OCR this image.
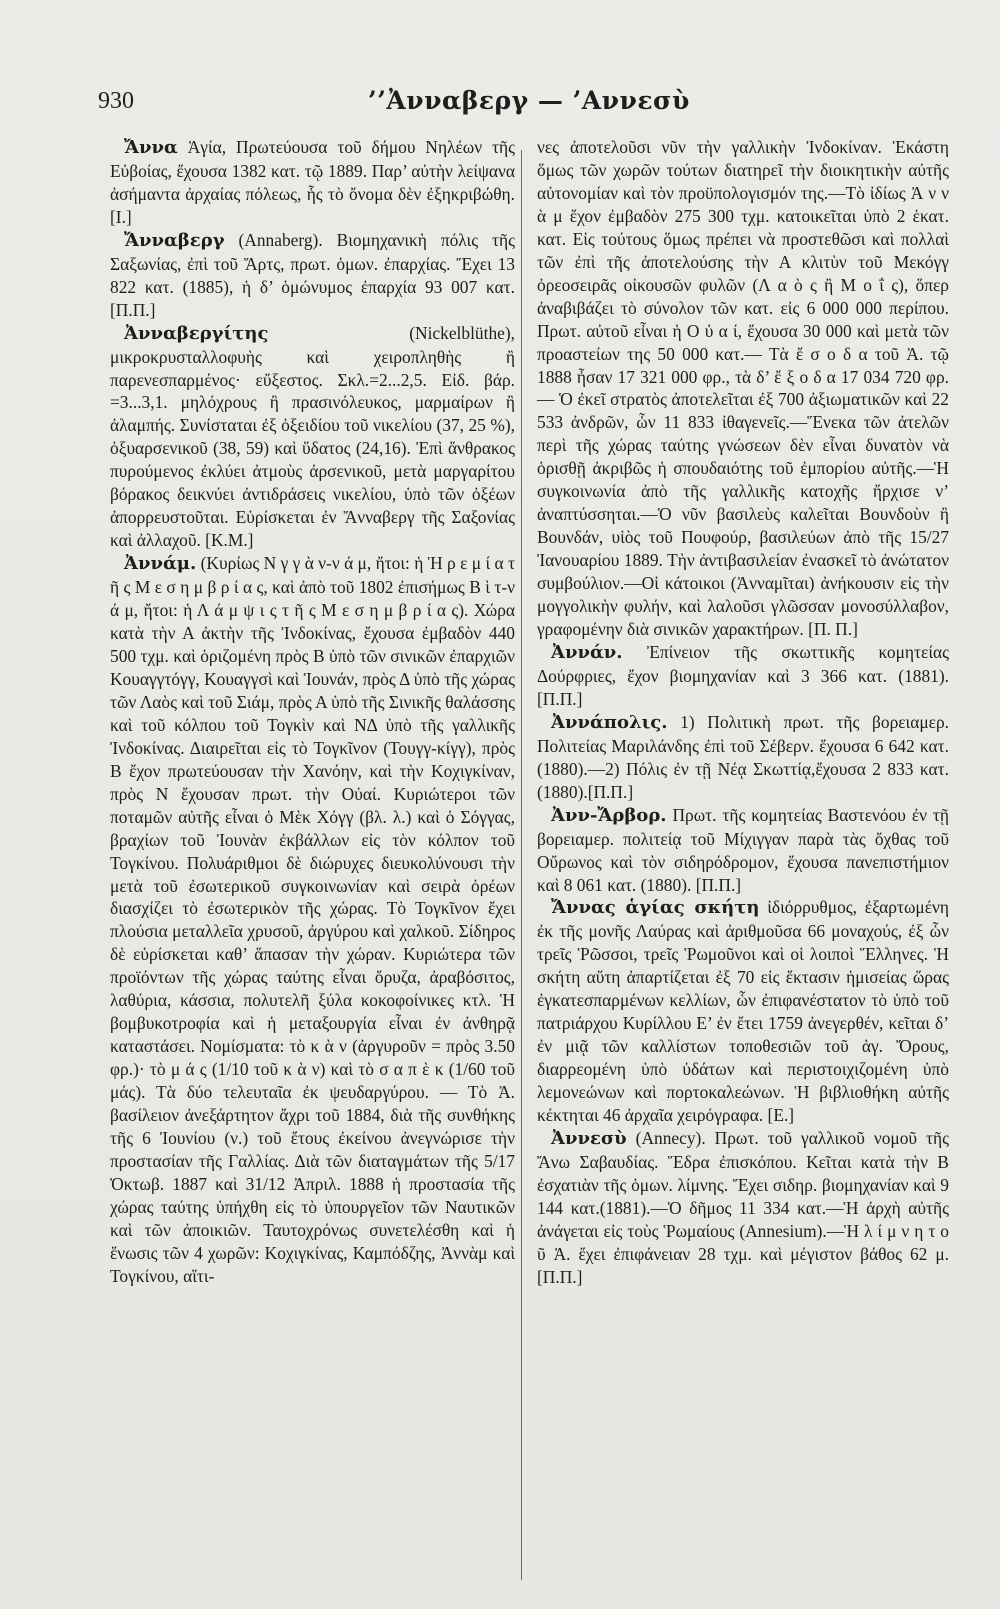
930	’’Ἀνναβεργ — ’Αννεσὺ

Ἄννα Ἁγία, Πρωτεύουσα τοῦ δήμου Νηλέων τῆς Εὐβοίας, ἔχουσα 1382 κατ. τῷ 1889. Παρ’ αὐτὴν λείψανα ἀσήμαντα ἀρχαίας πόλεως, ἧς τὸ ὄνομα δὲν ἐξηκριβώθη. [Ι.]

Ἄνναβεργ (Annaberg). Βιομηχανικὴ πόλις τῆς Σαξωνίας, ἐπὶ τοῦ Ἄρτς, πρωτ. ὁμων. ἐπαρχίας. Ἔχει 13 822 κατ. (1885), ἡ δ’ ὁμώνυμος ἐπαρχία 93 007 κατ. [Π.Π.]

Ἀνναβεργίτης (Nickelblüthe), μικροκρυσταλλοφυὴς καὶ χειροπληθὴς ἢ παρενεσπαρμένος· εὔξεστος. Σκλ.=2...2,5. Εἰδ. βάρ. =3...3,1. μηλόχρους ἢ πρασινόλευκος, μαρμαίρων ἢ ἀλαμπής. Συνίσταται ἐξ ὀξειδίου τοῦ νικελίου (37, 25 %), ὀξυαρσενικοῦ (38, 59) καὶ ὕδατος (24,16). Ἐπὶ ἄνθρακος πυρούμενος ἐκλύει ἀτμοὺς ἀρσενικοῦ, μετὰ μαργαρίτου βόρακος δεικνύει ἀντιδράσεις νικελίου, ὑπὸ τῶν ὀξέων ἀπορρευστοῦται. Εὑρίσκεται ἐν Ἄνναβεργ τῆς Σαξονίας καὶ ἀλλαχοῦ. [Κ.Μ.]

Ἀννάμ. (Κυρίως Ν γ γ ὰ ν-ν ά μ, ἤτοι: ἡ Ἡ ρ ε μ ί α τ ῆ ς Μ ε σ η μ β ρ ί α ς, καὶ ἀπὸ τοῦ 1802 ἐπισήμως Β ὶ τ-ν ά μ, ἤτοι: ἡ Λ ά μ ψ ι ς τ ῆ ς Μ ε σ η μ β ρ ί α ς). Χώρα κατὰ τὴν Α ἀκτὴν τῆς Ἰνδοκίνας, ἔχουσα ἐμβαδὸν 440 500 τχμ. καὶ ὁριζομένη πρὸς Β ὑπὸ τῶν σινικῶν ἐπαρχιῶν Κουαγγτόγγ, Κουαγγσὶ καὶ Ἰουνάν, πρὸς Δ ὑπὸ τῆς χώρας τῶν Λαὸς καὶ τοῦ Σιάμ, πρὸς Α ὑπὸ τῆς Σινικῆς θαλάσσης καὶ τοῦ κόλπου τοῦ Τογκὶν καὶ ΝΔ ὑπὸ τῆς γαλλικῆς Ἰνδοκίνας. Διαιρεῖται εἰς τὸ Τογκῖνον (Τουγγ-κίγγ), πρὸς Β ἔχον πρωτεύουσαν τὴν Χανόην, καὶ τὴν Κοχιγκίναν, πρὸς Ν ἔχουσαν πρωτ. τὴν Οὐαί. Κυριώτεροι τῶν ποταμῶν αὐτῆς εἶναι ὁ Μὲκ Χόγγ (βλ. λ.) καὶ ὁ Σόγγας, βραχίων τοῦ Ἰουνὰν ἐκβάλλων εἰς τὸν κόλπον τοῦ Τογκίνου. Πολυάριθμοι δὲ διώρυχες διευκολύνουσι τὴν μετὰ τοῦ ἐσωτερικοῦ συγκοινωνίαν καὶ σειρὰ ὀρέων διασχίζει τὸ ἐσωτερικὸν τῆς χώρας. Τὸ Τογκῖνον ἔχει πλούσια μεταλλεῖα χρυσοῦ, ἀργύρου καὶ χαλκοῦ. Σίδηρος δὲ εὑρίσκεται καθ’ ἅπασαν τὴν χώραν. Κυριώτερα τῶν προϊόντων τῆς χώρας ταύτης εἶναι ὄρυζα, ἀραβόσιτος, λαθύρια, κάσσια, πολυτελῆ ξύλα κοκοφοίνικες κτλ. Ἡ βομβυκοτροφία καὶ ἡ μεταξουργία εἶναι ἐν ἀνθηρᾷ καταστάσει. Νομίσματα: τὸ κ ὰ ν (ἀργυροῦν = πρὸς 3.50 φρ.)· τὸ μ ά ς (1/10 τοῦ κ ὰ ν) καὶ τὸ σ α π ὲ κ (1/60 τοῦ μάς). Τὰ δύο τελευταῖα ἐκ ψευδαργύρου. — Τὸ Ἀ. βασίλειον ἀνεξάρτητον ἄχρι τοῦ 1884, διὰ τῆς συνθήκης τῆς 6 Ἰουνίου (ν.) τοῦ ἔτους ἐκείνου ἀνεγνώρισε τὴν προστασίαν τῆς Γαλλίας. Διὰ τῶν διαταγμάτων τῆς 5/17 Ὀκτωβ. 1887 καὶ 31/12 Ἀπριλ. 1888 ἡ προστασία τῆς χώρας ταύτης ὑπήχθη εἰς τὸ ὑπουργεῖον τῶν Ναυτικῶν καὶ τῶν ἀποικιῶν. Ταυτοχρόνως συνετελέσθη καὶ ἡ ἕνωσις τῶν 4 χωρῶν: Κοχιγκίνας, Καμπόδζης, Ἀννὰμ καὶ Τογκίνου, αἵτι-

νες ἀποτελοῦσι νῦν τὴν γαλλικὴν Ἰνδοκίναν. Ἑκάστη ὅμως τῶν χωρῶν τούτων διατηρεῖ τὴν διοικητικὴν αὐτῆς αὐτονομίαν καὶ τὸν προϋπολογισμόν της.—Τὸ ἰδίως Ἀ ν ν ὰ μ ἔχον ἐμβαδὸν 275 300 τχμ. κατοικεῖται ὑπὸ 2 ἑκατ. κατ. Εἰς τούτους ὅμως πρέπει νὰ προστεθῶσι καὶ πολλαὶ τῶν ἐπὶ τῆς ἀποτελούσης τὴν Α κλιτὺν τοῦ Μεκόγγ ὀρεοσειρᾶς οἰκουσῶν φυλῶν (Λ α ὸ ς ἢ Μ ο ΐ ς), ὅπερ ἀναβιβάζει τὸ σύνολον τῶν κατ. εἰς 6 000 000 περίπου. Πρωτ. αὐτοῦ εἶναι ἡ Ο ὐ α ί, ἔχουσα 30 000 καὶ μετὰ τῶν προαστείων της 50 000 κατ.— Τὰ ἔ σ ο δ α τοῦ Ἀ. τῷ 1888 ἦσαν 17 321 000 φρ., τὰ δ’ ἔ ξ ο δ α 17 034 720 φρ. — Ὁ ἐκεῖ στρατὸς ἀποτελεῖται ἐξ 700 ἀξιωματικῶν καὶ 22 533 ἀνδρῶν, ὧν 11 833 ἰθαγενεῖς.—Ἕνεκα τῶν ἀτελῶν περὶ τῆς χώρας ταύτης γνώσεων δὲν εἶναι δυνατὸν νὰ ὁρισθῇ ἀκριβῶς ἡ σπουδαιότης τοῦ ἐμπορίου αὐτῆς.—Ἡ συγκοινωνία ἀπὸ τῆς γαλλικῆς κατοχῆς ἤρχισε ν’ ἀναπτύσσηται.—Ὁ νῦν βασιλεὺς καλεῖται Βουνδοὺν ἢ Βουνδάν, υἱὸς τοῦ Πουφούρ, βασιλεύων ἀπὸ τῆς 15/27 Ἰανουαρίου 1889. Τὴν ἀντιβασιλείαν ἐνασκεῖ τὸ ἀνώτατον συμβούλιον.—Οἱ κάτοικοι (Ἀνναμῖται) ἀνήκουσιν εἰς τὴν μογγολικὴν φυλήν, καὶ λαλοῦσι γλῶσσαν μονοσύλλαβον, γραφομένην διὰ σινικῶν χαρακτήρων. [Π. Π.]

Ἀννάν. Ἐπίνειον τῆς σκωττικῆς κομητείας Δούρφριες, ἔχον βιομηχανίαν καὶ 3 366 κατ. (1881). [Π.Π.]

Ἀννάπολις. 1) Πολιτικὴ πρωτ. τῆς βορειαμερ. Πολιτείας Μαριλάνδης ἐπὶ τοῦ Σέβερν. ἔχουσα 6 642 κατ. (1880).—2) Πόλις ἐν τῇ Νέᾳ Σκωττίᾳ,ἔχουσα 2 833 κατ.(1880).[Π.Π.]

Ἀνν-Ἄρβορ. Πρωτ. τῆς κομητείας Βαστενόου ἐν τῇ βορειαμερ. πολιτείᾳ τοῦ Μίχιγγαν παρὰ τὰς ὄχθας τοῦ Οὔρωνος καὶ τὸν σιδηρόδρομον, ἔχουσα πανεπιστήμιον καὶ 8 061 κατ. (1880). [Π.Π.]

Ἄννας ἁγίας σκήτη ἰδιόρρυθμος, ἐξαρτωμένη ἐκ τῆς μονῆς Λαύρας καὶ ἀριθμοῦσα 66 μοναχούς, ἐξ ὧν τρεῖς Ῥῶσσοι, τρεῖς Ῥωμοῦνοι καὶ οἱ λοιποὶ Ἕλληνες. Ἡ σκήτη αὕτη ἀπαρτίζεται ἐξ 70 εἰς ἔκτασιν ἡμισείας ὥρας ἐγκατεσπαρμένων κελλίων, ὧν ἐπιφανέστατον τὸ ὑπὸ τοῦ πατριάρχου Κυρίλλου Ε’ ἐν ἔτει 1759 ἀνεγερθέν, κεῖται δ’ ἐν μιᾷ τῶν καλλίστων τοποθεσιῶν τοῦ ἁγ. Ὄρους, διαρρεομένη ὑπὸ ὑδάτων καὶ περιστοιχιζομένη ὑπὸ λεμονεώνων καὶ πορτοκαλεώνων. Ἡ βιβλιοθήκη αὐτῆς κέκτηται 46 ἀρχαῖα χειρόγραφα. [Ε.]

Ἀννεσὺ (Annecy). Πρωτ. τοῦ γαλλικοῦ νομοῦ τῆς Ἄνω Σαβαυδίας. Ἕδρα ἐπισκόπου. Κεῖται κατὰ τὴν Β ἐσχατιὰν τῆς ὁμων. λίμνης. Ἔχει σιδηρ. βιομηχανίαν καὶ 9 144 κατ.(1881).—Ὁ δῆμος 11 334 κατ.—Ἡ ἀρχὴ αὐτῆς ἀνάγεται εἰς τοὺς Ῥωμαίους (Annesium).—Ἡ λ ί μ ν η τ ο ῦ Ἀ. ἔχει ἐπιφάνειαν 28 τχμ. καὶ μέγιστον βάθος 62 μ. [Π.Π.]
